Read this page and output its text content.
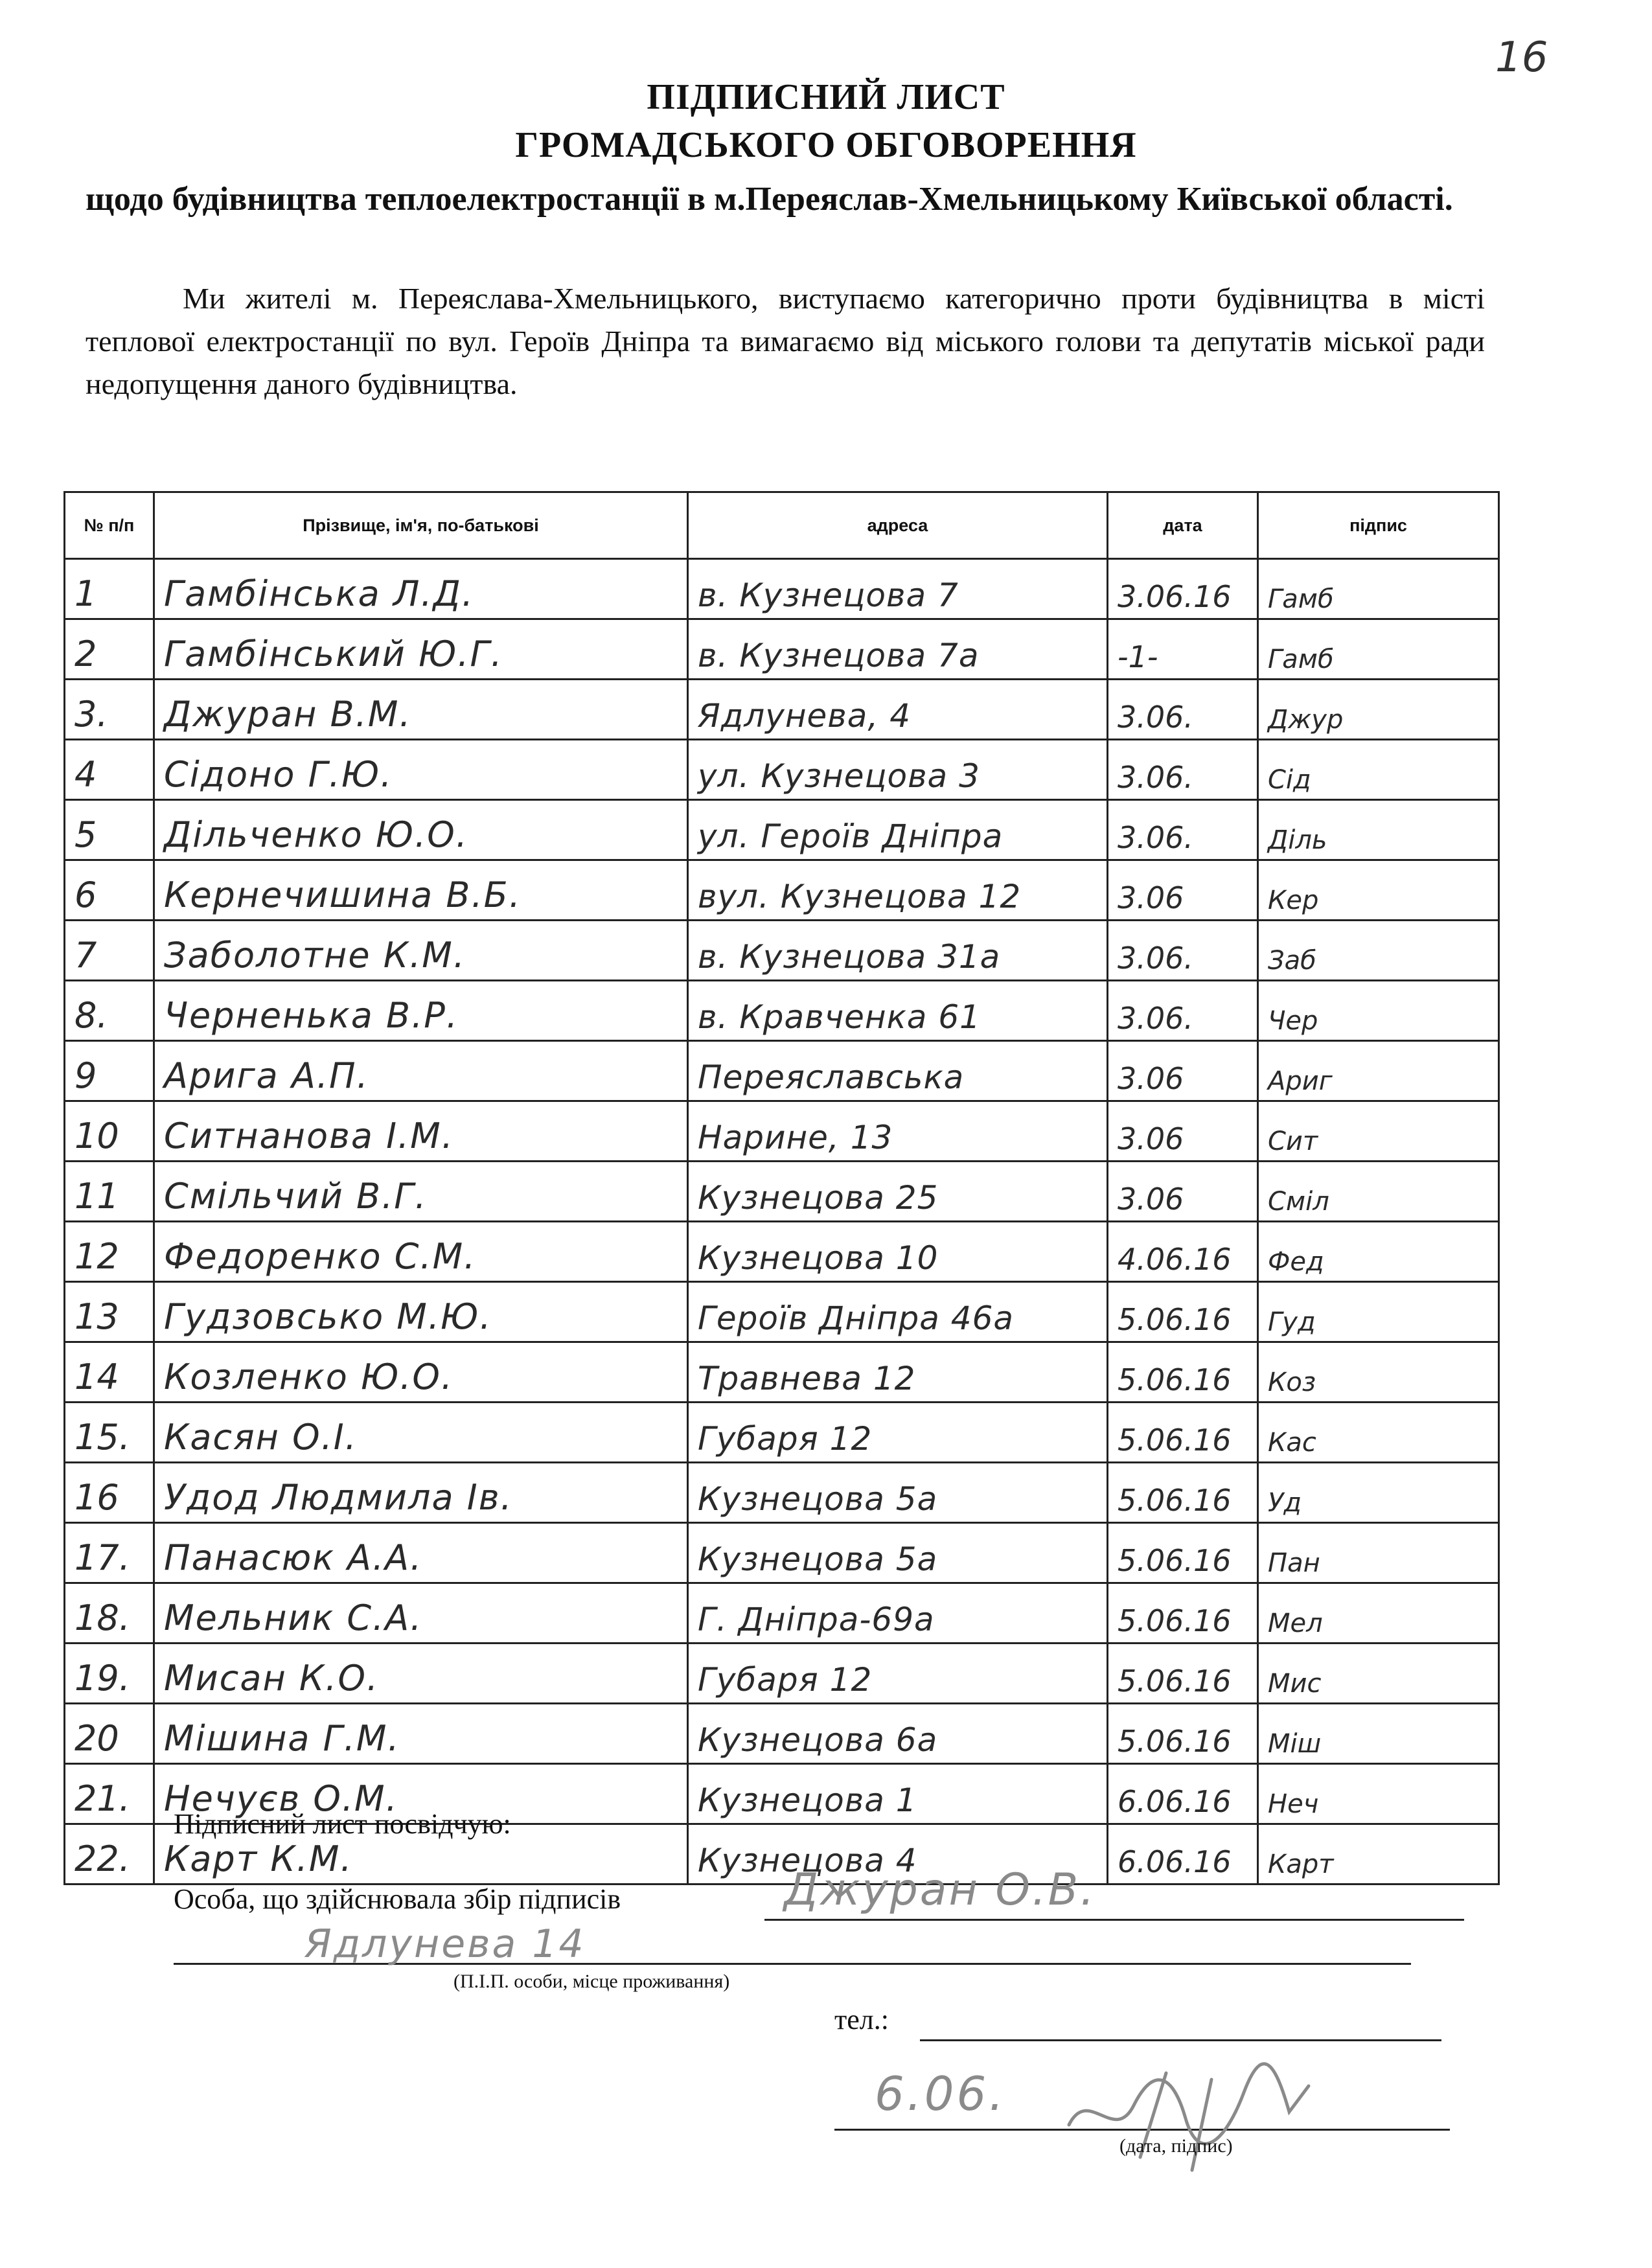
16
ПІДПИСНИЙ ЛИСТ
ГРОМАДСЬКОГО ОБГОВОРЕННЯ
щодо будівництва теплоелектростанції в м.Переяслав-Хмельницькому Київської області.
Ми жителі м. Переяслава-Хмельницького, виступаємо категорично проти будівництва в місті теплової електростанції по вул. Героїв Дніпра та вимагаємо від міського голови та депутатів міської ради недопущення даного будівництва.
№ п/п	Прізвище, ім'я, по-батькові	адреса	дата	підпис
1	Гамбінська Л.Д.	в. Кузнецова 7	3.06.16	Гамб
2	Гамбінський Ю.Г.	в. Кузнецова 7а	-1-	Гамб
3.	Джуран В.М.	Ядлунева, 4	3.06.	Джур
4	Сідоно Г.Ю.	ул. Кузнецова 3	3.06.	Сід
5	Дільченко Ю.О.	ул. Героїв Дніпра	3.06.	Діль
6	Кернечишина В.Б.	вул. Кузнецова 12	3.06	Кер
7	Заболотне К.М.	в. Кузнецова 31а	3.06.	Заб
8.	Черненька В.Р.	в. Кравченка 61	3.06.	Чер
9	Арига А.П.	Переяславська	3.06	Ариг
10	Ситнанова І.М.	Нарине, 13	3.06	Сит
11	Смільчий В.Г.	Кузнецова 25	3.06	Сміл
12	Федоренко С.М.	Кузнецова 10	4.06.16	Фед
13	Гудзовсько М.Ю.	Героїв Дніпра 46а	5.06.16	Гуд
14	Козленко Ю.О.	Травнева 12	5.06.16	Коз
15.	Касян О.І.	Губаря 12	5.06.16	Кас
16	Удод Людмила Ів.	Кузнецова 5а	5.06.16	Уд
17.	Панасюк А.А.	Кузнецова 5а	5.06.16	Пан
18.	Мельник С.А.	Г. Дніпра-69а	5.06.16	Мел
19.	Мисан К.О.	Губаря 12	5.06.16	Мис
20	Мішина Г.М.	Кузнецова 6а	5.06.16	Міш
21.	Нечуєв О.М.	Кузнецова 1	6.06.16	Неч
22.	Карт К.М.	Кузнецова 4	6.06.16	Карт
Підписний лист посвідчую:
Особа, що здійснювала збір підписів	Джуран О.В.
Ядлунева 14
(П.І.П. особи, місце проживання)
тел.:
6.06.
(дата, підпис)
